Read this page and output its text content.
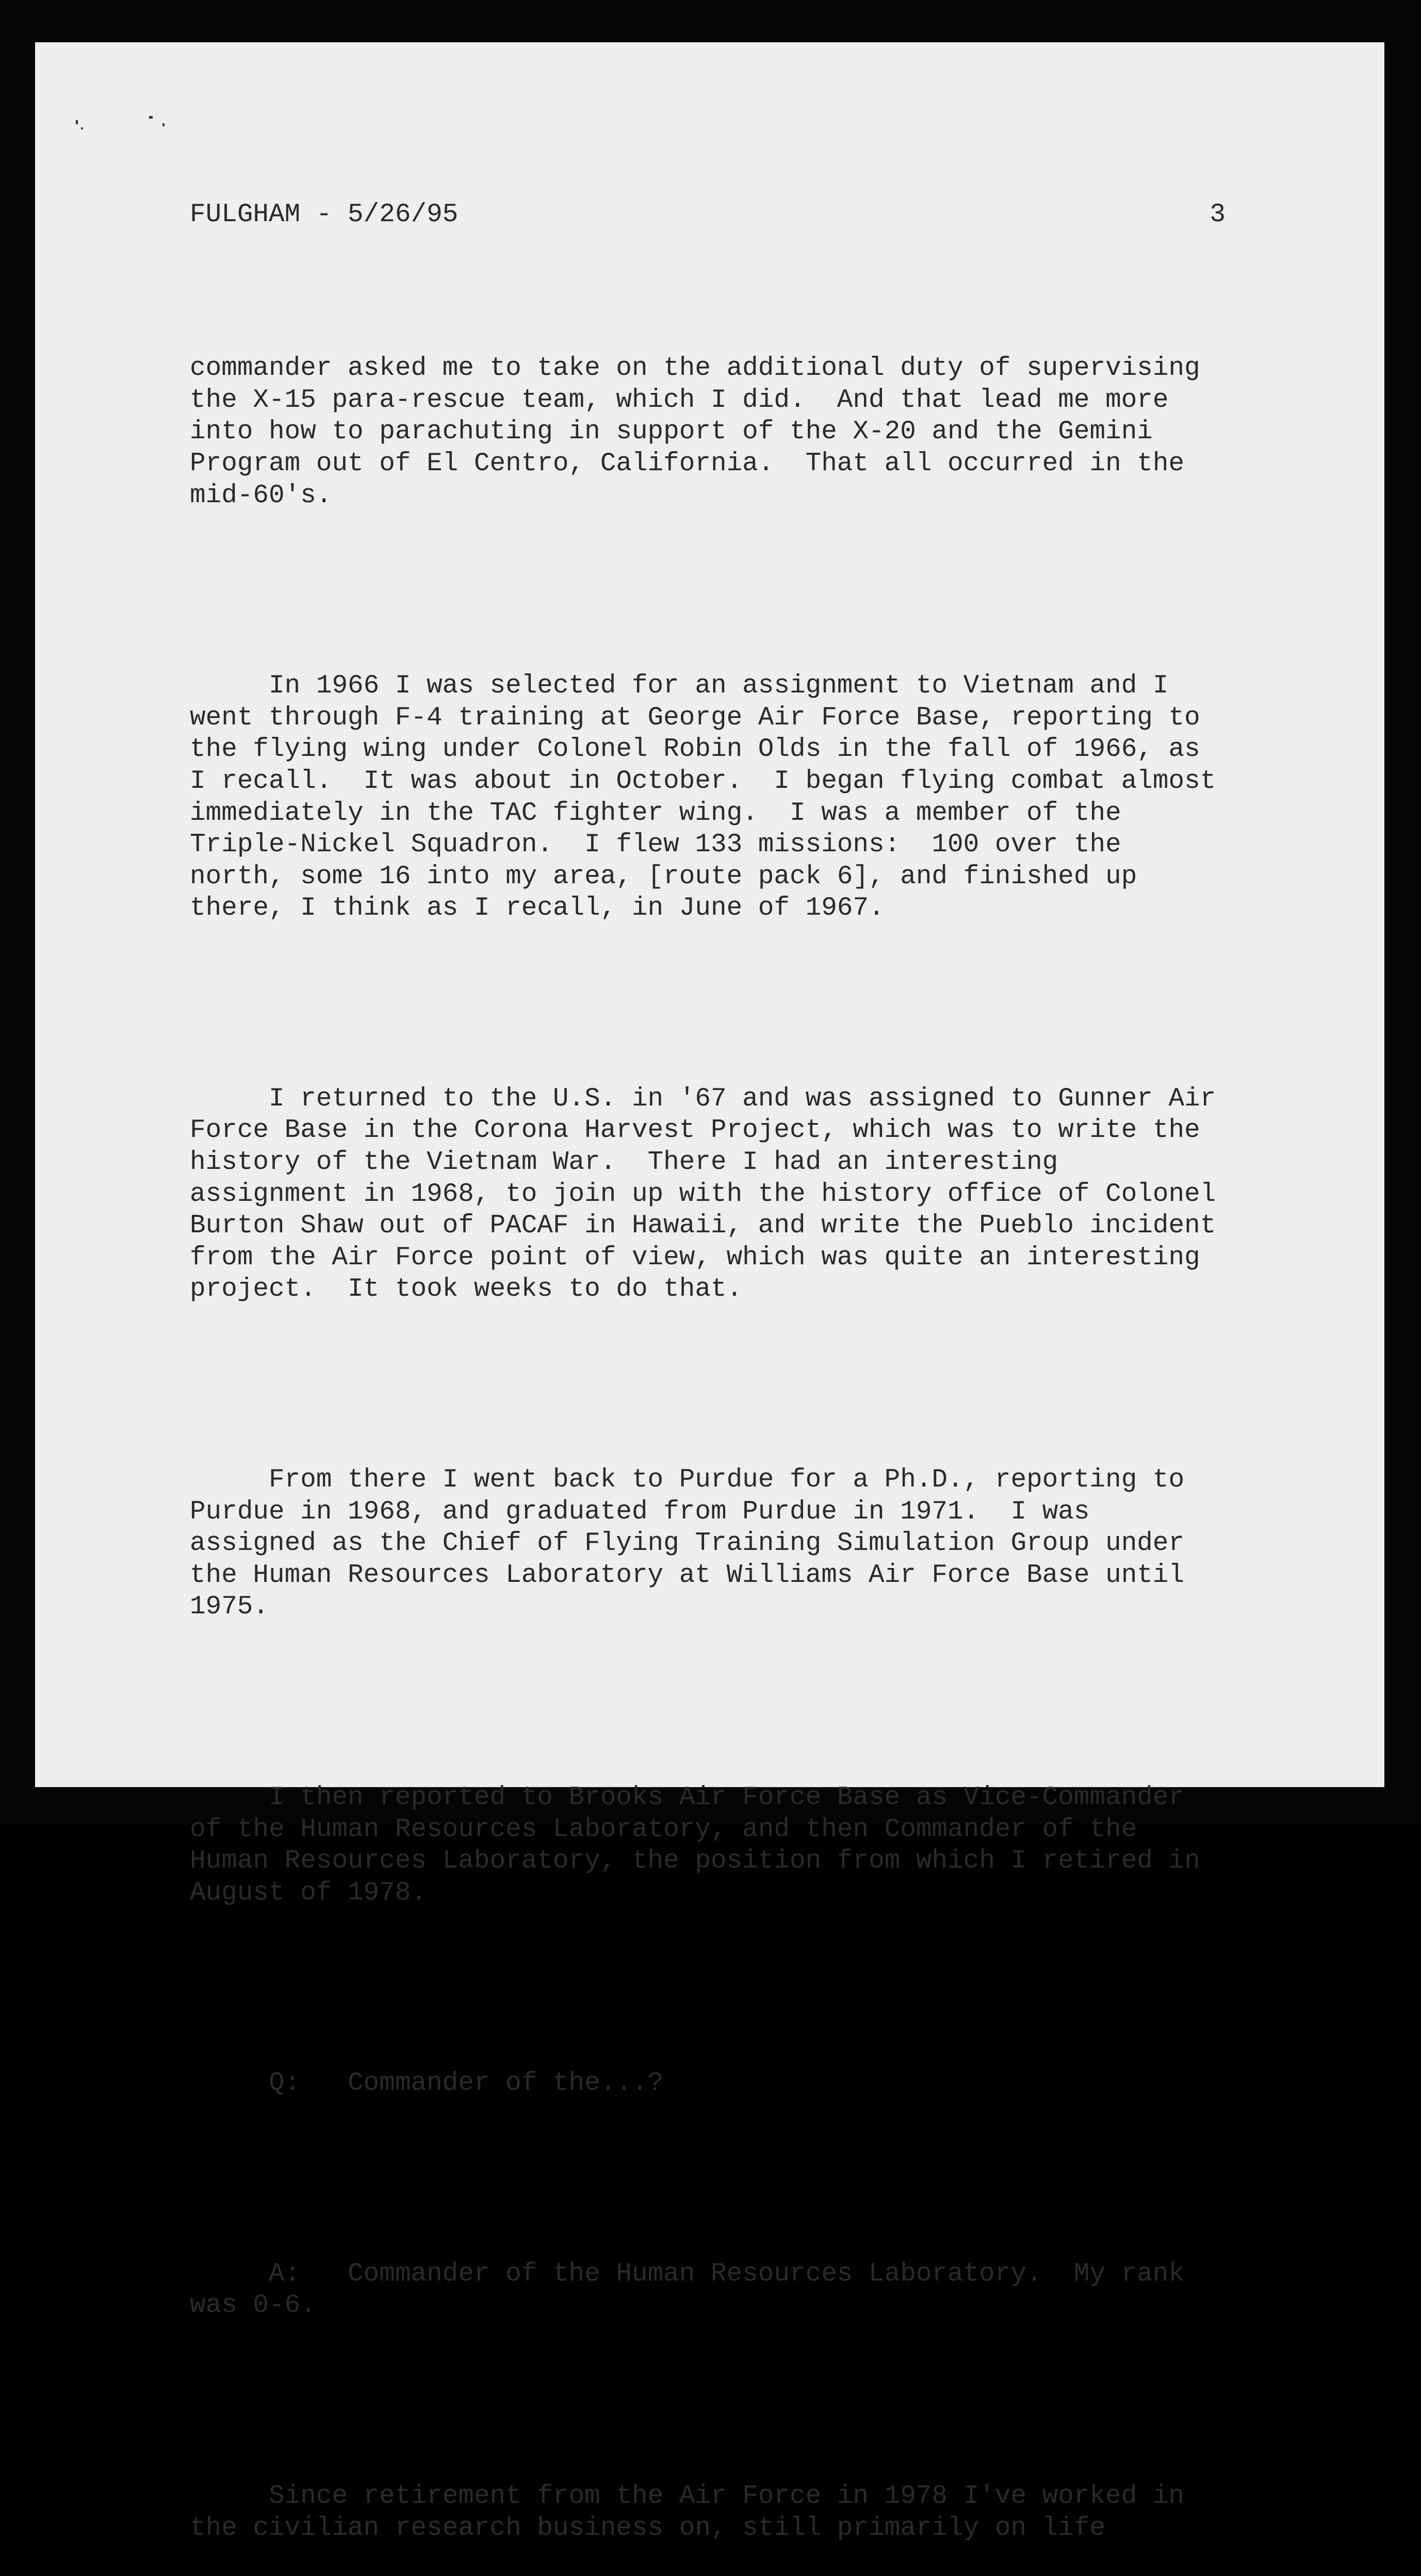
FULGHAM - 5/26/95	3

commander asked me to take on the additional duty of supervising
the X-15 para-rescue team, which I did.  And that lead me more
into how to parachuting in support of the X-20 and the Gemini
Program out of El Centro, California.  That all occurred in the
mid-60's.

In 1966 I was selected for an assignment to Vietnam and I
went through F-4 training at George Air Force Base, reporting to
the flying wing under Colonel Robin Olds in the fall of 1966, as
I recall.  It was about in October.  I began flying combat almost
immediately in the TAC fighter wing.  I was a member of the
Triple-Nickel Squadron.  I flew 133 missions:  100 over the
north, some 16 into my area, [route pack 6], and finished up
there, I think as I recall, in June of 1967.

I returned to the U.S. in '67 and was assigned to Gunner Air
Force Base in the Corona Harvest Project, which was to write the
history of the Vietnam War.  There I had an interesting
assignment in 1968, to join up with the history office of Colonel
Burton Shaw out of PACAF in Hawaii, and write the Pueblo incident
from the Air Force point of view, which was quite an interesting
project.  It took weeks to do that.

From there I went back to Purdue for a Ph.D., reporting to
Purdue in 1968, and graduated from Purdue in 1971.  I was
assigned as the Chief of Flying Training Simulation Group under
the Human Resources Laboratory at Williams Air Force Base until
1975.

I then reported to Brooks Air Force Base as Vice-Commander
of the Human Resources Laboratory, and then Commander of the
Human Resources Laboratory, the position from which I retired in
August of 1978.

Q:   Commander of the...?

A:   Commander of the Human Resources Laboratory.  My rank
was 0-6.

Since retirement from the Air Force in 1978 I've worked in
the civilian research business on, still primarily on life
